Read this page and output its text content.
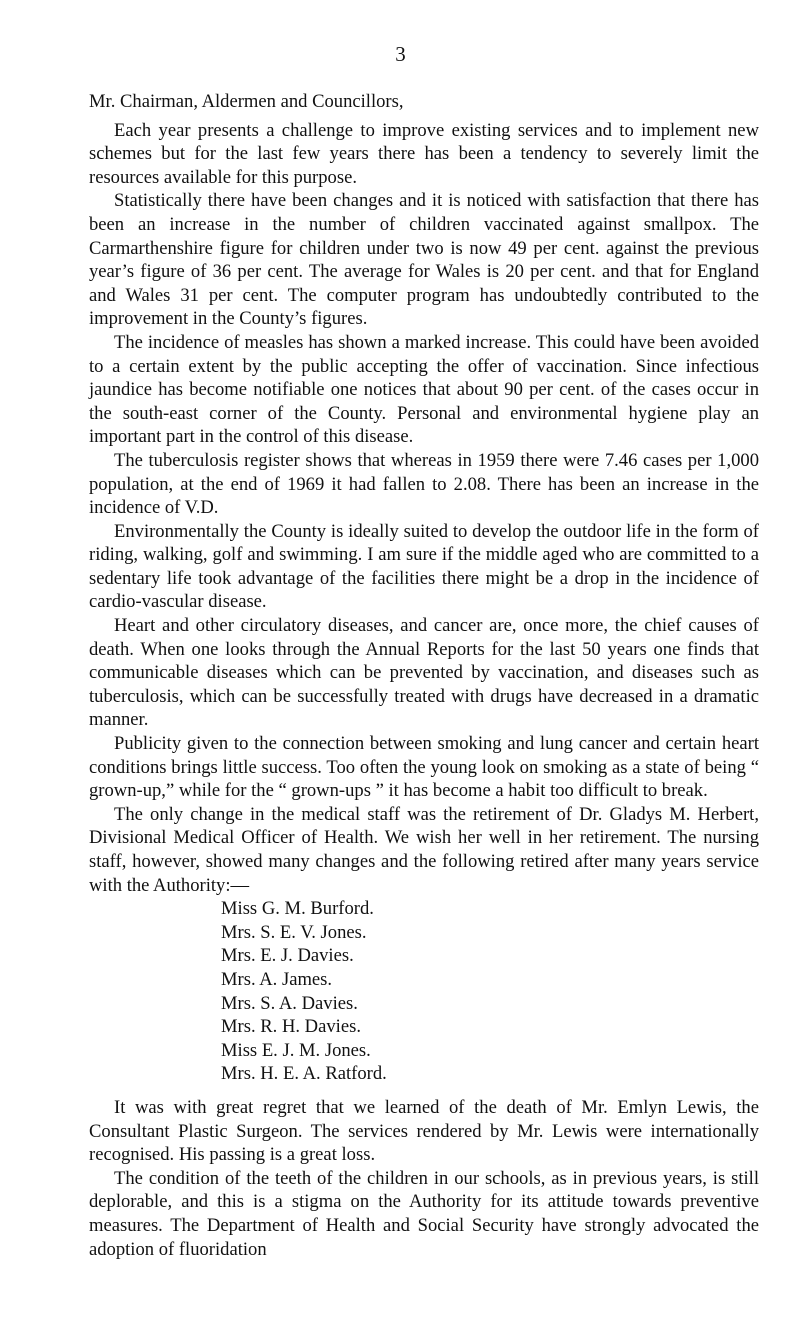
3

Mr. Chairman, Aldermen and Councillors,

Each year presents a challenge to improve existing services and to implement new schemes but for the last few years there has been a tendency to severely limit the resources available for this purpose.

Statistically there have been changes and it is noticed with satisfaction that there has been an increase in the number of children vaccinated against smallpox. The Carmarthenshire figure for children under two is now 49 per cent. against the previous year’s figure of 36 per cent. The average for Wales is 20 per cent. and that for England and Wales 31 per cent. The computer program has undoubtedly contributed to the improvement in the County’s figures.

The incidence of measles has shown a marked increase. This could have been avoided to a certain extent by the public accepting the offer of vaccination. Since infectious jaundice has become notifiable one notices that about 90 per cent. of the cases occur in the south-east corner of the County. Personal and environmental hygiene play an important part in the control of this disease.

The tuberculosis register shows that whereas in 1959 there were 7.46 cases per 1,000 population, at the end of 1969 it had fallen to 2.08. There has been an increase in the incidence of V.D.

Environmentally the County is ideally suited to develop the outdoor life in the form of riding, walking, golf and swimming. I am sure if the middle aged who are committed to a sedentary life took advantage of the facilities there might be a drop in the incidence of cardio-vascular disease.

Heart and other circulatory diseases, and cancer are, once more, the chief causes of death. When one looks through the Annual Reports for the last 50 years one finds that communicable diseases which can be prevented by vaccination, and diseases such as tuberculosis, which can be successfully treated with drugs have decreased in a dramatic manner.

Publicity given to the connection between smoking and lung cancer and certain heart conditions brings little success. Too often the young look on smoking as a state of being “ grown-up,” while for the “ grown-ups ” it has become a habit too difficult to break.

The only change in the medical staff was the retirement of Dr. Gladys M. Herbert, Divisional Medical Officer of Health. We wish her well in her retirement. The nursing staff, however, showed many changes and the following retired after many years service with the Authority:—

Miss G. M. Burford.
Mrs. S. E. V. Jones.
Mrs. E. J. Davies.
Mrs. A. James.
Mrs. S. A. Davies.
Mrs. R. H. Davies.
Miss E. J. M. Jones.
Mrs. H. E. A. Ratford.

It was with great regret that we learned of the death of Mr. Emlyn Lewis, the Consultant Plastic Surgeon. The services rendered by Mr. Lewis were internationally recognised. His passing is a great loss.

The condition of the teeth of the children in our schools, as in previous years, is still deplorable, and this is a stigma on the Authority for its attitude towards preventive measures. The Department of Health and Social Security have strongly advocated the adoption of fluoridation
